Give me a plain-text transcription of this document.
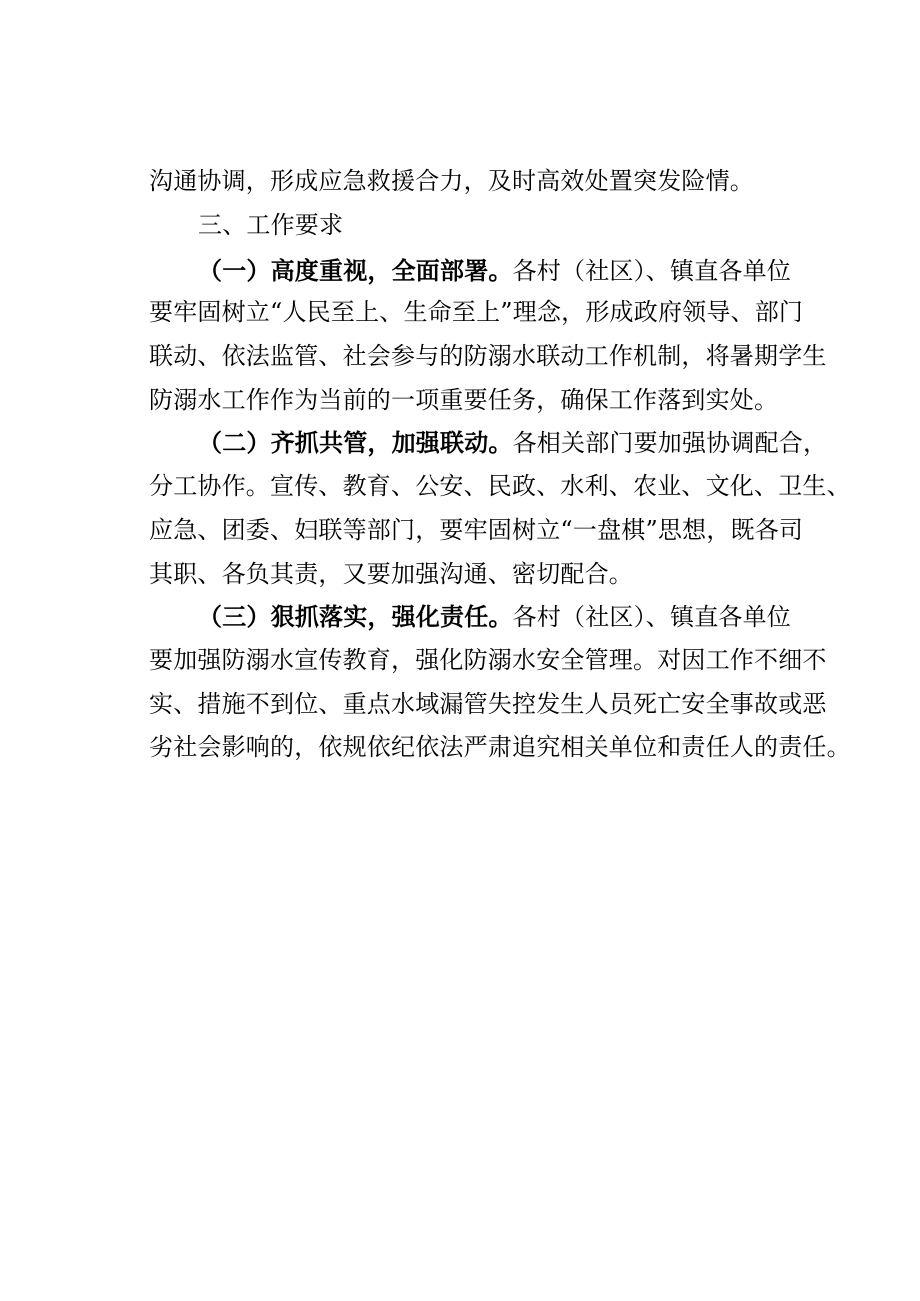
沟通协调，形成应急救援合力，及时高效处置突发险情。
三、工作要求
（一）高度重视，全面部署。各村（社区）、镇直各单位
要牢固树立“人民至上、生命至上”理念，形成政府领导、部门
联动、依法监管、社会参与的防溺水联动工作机制，将暑期学生
防溺水工作作为当前的一项重要任务，确保工作落到实处。
（二）齐抓共管，加强联动。各相关部门要加强协调配合，
分工协作。宣传、教育、公安、民政、水利、农业、文化、卫生、
应急、团委、妇联等部门，要牢固树立“一盘棋”思想，既各司
其职、各负其责，又要加强沟通、密切配合。
（三）狠抓落实，强化责任。各村（社区）、镇直各单位
要加强防溺水宣传教育，强化防溺水安全管理。对因工作不细不
实、措施不到位、重点水域漏管失控发生人员死亡安全事故或恶
劣社会影响的，依规依纪依法严肃追究相关单位和责任人的责任。
